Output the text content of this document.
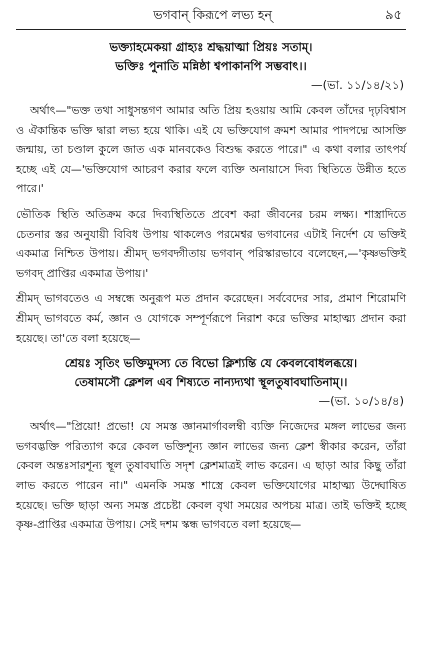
ভগবান্ কিরূপে লভ্য হন্	৯৫
ভক্ত্যাহমেকয়া গ্রাহ্যঃ শ্রদ্ধয়াত্মা প্রিয়ঃ সতাম্।
ভক্তিঃ পুনাতি মন্নিষ্ঠা শ্বপাকানপি সম্ভবাৎ।।
—(ভা. ১১/১৪/২১)

অর্থাৎ—"ভক্ত তথা সাধুসন্তগণ আমার অতি প্রিয় হওয়ায় আমি কেবল তাঁদের দৃঢ়বিশ্বাস ও ঐকান্তিক ভক্তি দ্বারা লভ্য হয়ে থাকি। এই যে ভক্তিযোগ ক্রমশ আমার পাদপদ্মে আসক্তি জন্মায়, তা চণ্ডাল কুলে জাত এক মানবকেও বিশুদ্ধ করতে পারে।" এ কথা বলার তাৎপর্য হচ্ছে এই যে—'ভক্তিযোগ আচরণ করার ফলে ব্যক্তি অনায়াসে দিব্য স্থিতিতে উন্নীত হতে পারে।'

ভৌতিক স্থিতি অতিক্রম করে দিব্যস্থিতিতে প্রবেশ করা জীবনের চরম লক্ষ্য। শাস্ত্রাদিতে চেতনার স্তর অনুযায়ী বিবিধ উপায় থাকলেও পরমেশ্বর ভগবানের এটাই নির্দেশ যে ভক্তিই একমাত্র নিশ্চিত উপায়। শ্রীমদ্ ভগবদ্গীতায় ভগবান্ পরিস্কারভাবে বলেছেন,—'কৃষ্ণভক্তিই ভগবদ্ প্রাপ্তির একমাত্র উপায়।'

শ্রীমদ্ ভাগবতেও এ সম্বন্ধে অনুরূপ মত প্রদান করেছেন। সর্ববেদের সার, প্রমাণ শিরোমণি শ্রীমদ্ ভাগবতে কর্ম, জ্ঞান ও যোগকে সম্পূর্ণরূপে নিরাশ করে ভক্তির মাহাত্ম্য প্রদান করা হয়েছে। তা'তে বলা হয়েছে—

শ্রেয়ঃ সৃতিং ভক্তিমুদস্য তে বিভো ক্লিশ্যন্তি যে কেবলবোধলব্ধয়ে।
তেষামসৌ ক্লেশল এব শিষ্যতে নান্যদ্যথা স্থূলতুষাবঘাতিনাম্।।
—(ভা. ১০/১৪/৪)

অর্থাৎ—"প্রিয়ো! প্রভো! যে সমস্ত জ্ঞানমার্গাবলম্বী ব্যক্তি নিজেদের মঙ্গল লাভের জন্য ভগবদ্ভক্তি পরিত্যাগ করে কেবল ভক্তিশূন্য জ্ঞান লাভের জন্য ক্লেশ স্বীকার করেন, তাঁরা কেবল অন্তঃসারশূন্য স্থূল তুষাবঘাতি সদৃশ ক্লেশমাত্রই লাভ করেন। এ ছাড়া আর কিছু তাঁরা লাভ করতে পারেন না।" এমনকি সমস্ত শাস্ত্রে কেবল ভক্তিযোগের মাহাত্ম্য উদ্ঘোষিত হয়েছে। ভক্তি ছাড়া অন্য সমস্ত প্রচেষ্টা কেবল বৃথা সময়ের অপচয় মাত্র। তাই ভক্তিই হচ্ছে কৃষ্ণ-প্রাপ্তির একমাত্র উপায়। সেই দশম স্কন্ধ ভাগবতে বলা হয়েছে—
